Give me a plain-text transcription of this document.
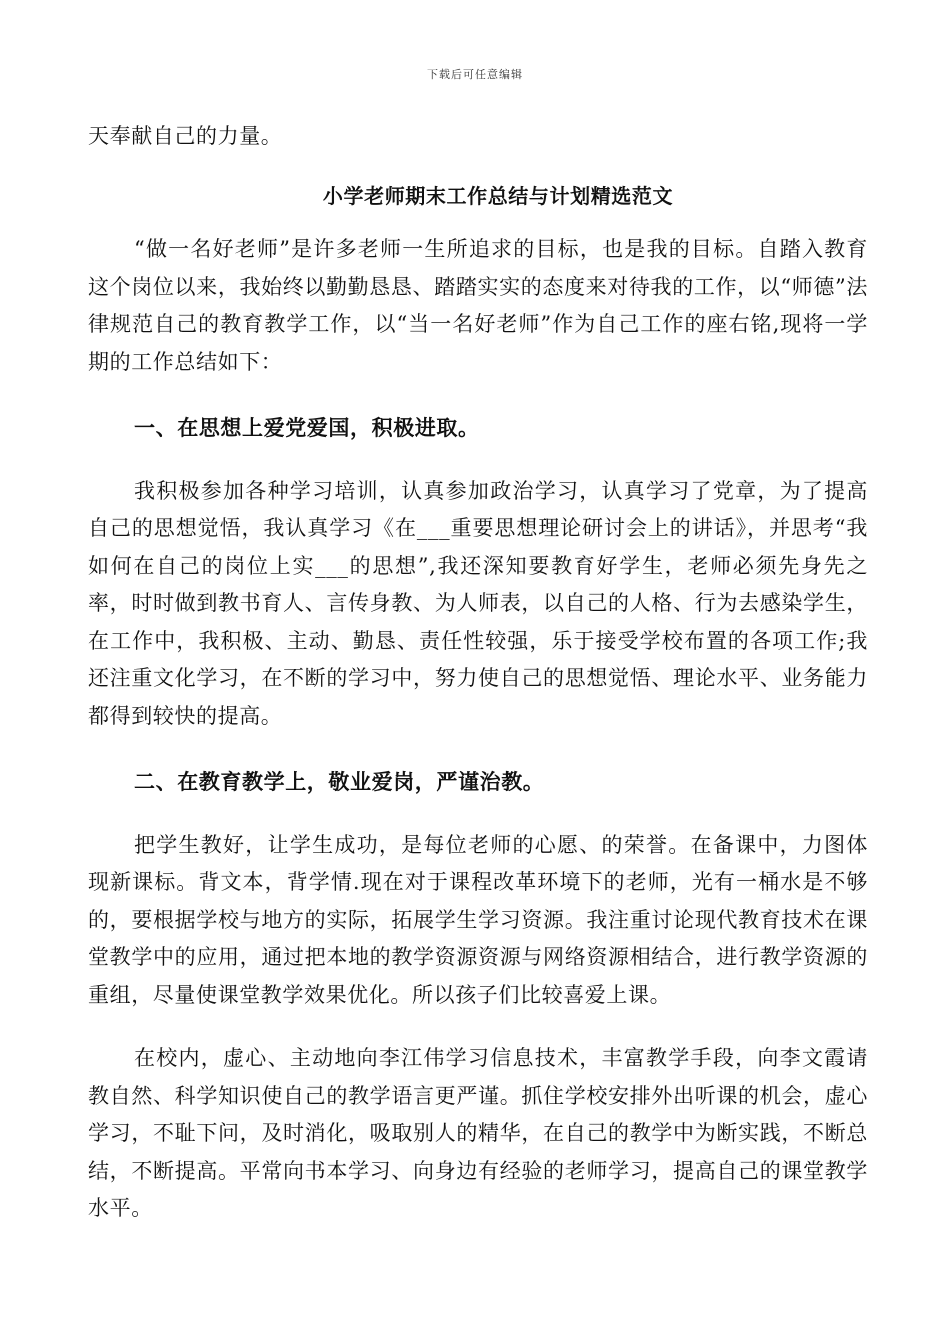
下载后可任意编辑

天奉献自己的力量。

小学老师期末工作总结与计划精选范文

“做一名好老师”是许多老师一生所追求的目标，也是我的目标。自踏入教育这个岗位以来，我始终以勤勤恳恳、踏踏实实的态度来对待我的工作，以“师德”法律规范自己的教育教学工作，以“当一名好老师”作为自己工作的座右铭,现将一学期的工作总结如下：

一、在思想上爱党爱国，积极进取。

我积极参加各种学习培训，认真参加政治学习，认真学习了党章，为了提高自己的思想觉悟，我认真学习《在___重要思想理论研讨会上的讲话》，并思考“我如何在自己的岗位上实___的思想”,我还深知要教育好学生，老师必须先身先之率，时时做到教书育人、言传身教、为人师表，以自己的人格、行为去感染学生，在工作中，我积极、主动、勤恳、责任性较强，乐于接受学校布置的各项工作;我还注重文化学习，在不断的学习中，努力使自己的思想觉悟、理论水平、业务能力都得到较快的提高。

二、在教育教学上，敬业爱岗，严谨治教。

把学生教好，让学生成功，是每位老师的心愿、的荣誉。在备课中，力图体现新课标。背文本，背学情.现在对于课程改革环境下的老师，光有一桶水是不够的，要根据学校与地方的实际，拓展学生学习资源。我注重讨论现代教育技术在课堂教学中的应用，通过把本地的教学资源资源与网络资源相结合，进行教学资源的重组，尽量使课堂教学效果优化。所以孩子们比较喜爱上课。

在校内，虚心、主动地向李江伟学习信息技术，丰富教学手段，向李文霞请教自然、科学知识使自己的教学语言更严谨。抓住学校安排外出听课的机会，虚心学习，不耻下问，及时消化，吸取别人的精华，在自己的教学中为断实践，不断总结，不断提高。平常向书本学习、向身边有经验的老师学习，提高自己的课堂教学水平。
